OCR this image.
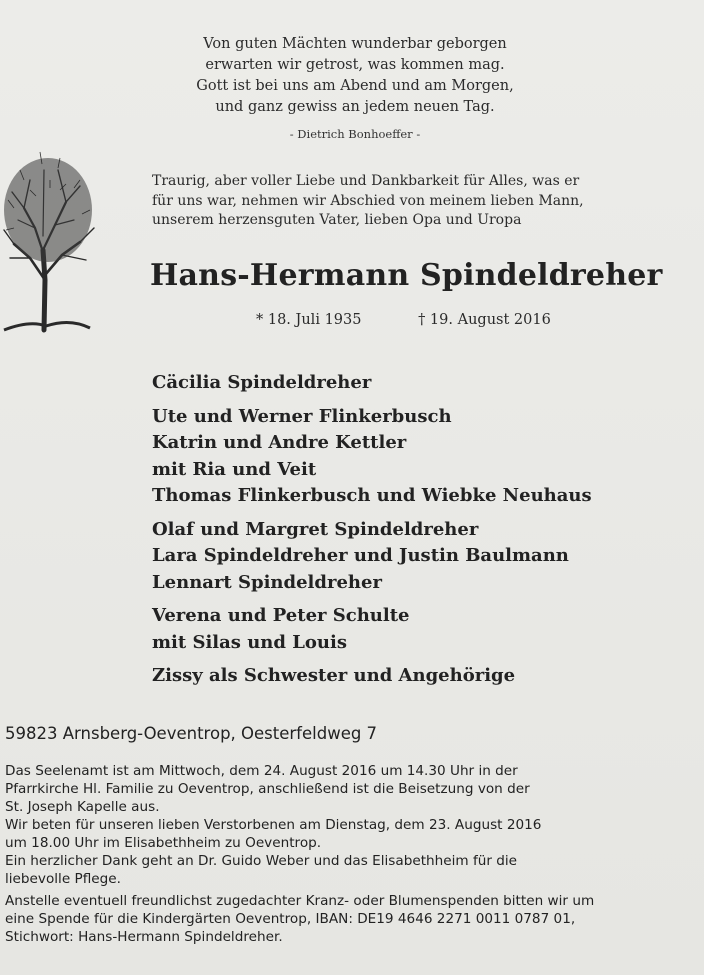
Von guten Mächten wunderbar geborgen
erwarten wir getrost, was kommen mag.
Gott ist bei uns am Abend und am Morgen,
und ganz gewiss an jedem neuen Tag.
- Dietrich Bonhoeffer -
Traurig, aber voller Liebe und Dankbarkeit für Alles, was er
für uns war, nehmen wir Abschied von meinem lieben Mann,
unserem herzensguten Vater, lieben Opa und Uropa
Hans-Hermann Spindeldreher
* 18. Juli 1935	† 19. August 2016
Cäcilia Spindeldreher
Ute und Werner Flinkerbusch
Katrin und Andre Kettler
mit Ria und Veit
Thomas Flinkerbusch und Wiebke Neuhaus
Olaf und Margret Spindeldreher
Lara Spindeldreher und Justin Baulmann
Lennart Spindeldreher
Verena und Peter Schulte
mit Silas und Louis
Zissy als Schwester und Angehörige
59823 Arnsberg-Oeventrop, Oesterfeldweg 7
Das Seelenamt ist am Mittwoch, dem 24. August 2016 um 14.30 Uhr in der
Pfarrkirche Hl. Familie zu Oeventrop, anschließend ist die Beisetzung von der
St. Joseph Kapelle aus.
Wir beten für unseren lieben Verstorbenen am Dienstag, dem 23. August 2016
um 18.00 Uhr im Elisabethheim zu Oeventrop.
Ein herzlicher Dank geht an Dr. Guido Weber und das Elisabethheim für die
liebevolle Pflege.
Anstelle eventuell freundlichst zugedachter Kranz- oder Blumenspenden bitten wir um
eine Spende für die Kindergärten Oeventrop, IBAN: DE19 4646 2271 0011 0787 01,
Stichwort: Hans-Hermann Spindeldreher.
